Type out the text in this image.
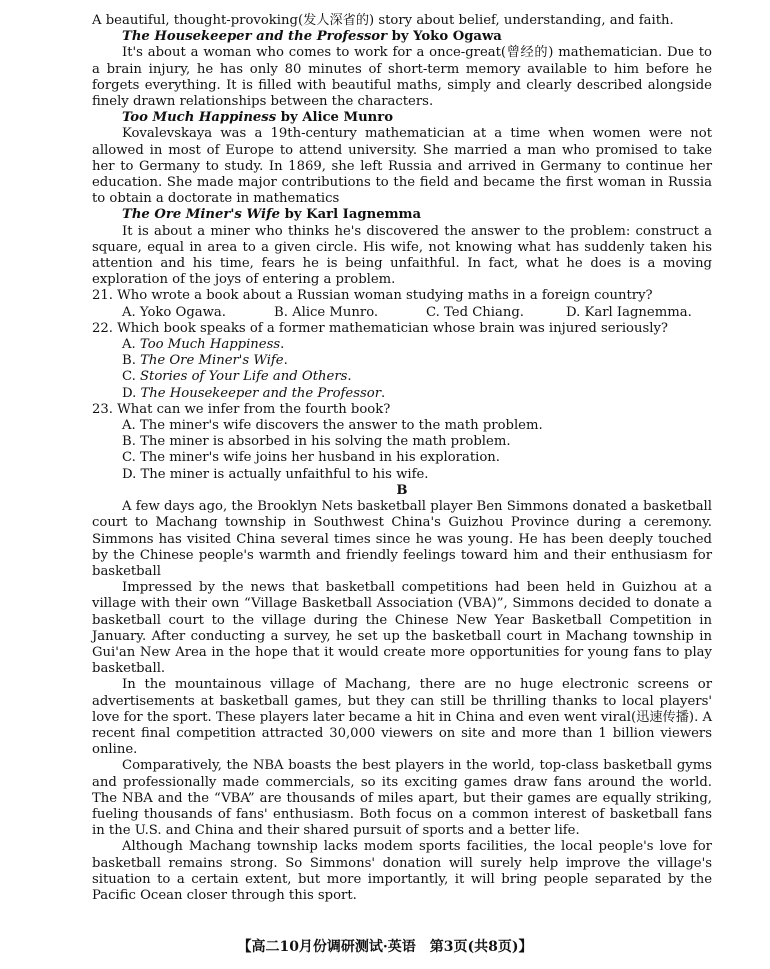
A beautiful, thought-provoking(发人深省的) story about belief, understanding, and faith.

The Housekeeper and the Professor by Yoko Ogawa

It's about a woman who comes to work for a once-great(曾经的) mathematician. Due to a brain injury, he has only 80 minutes of short-term memory available to him before he forgets everything. It is filled with beautiful maths, simply and clearly described alongside finely drawn relationships between the characters.

Too Much Happiness by Alice Munro

Kovalevskaya was a 19th-century mathematician at a time when women were not allowed in most of Europe to attend university. She married a man who promised to take her to Germany to study. In 1869, she left Russia and arrived in Germany to continue her education. She made major contributions to the field and became the first woman in Russia to obtain a doctorate in mathematics

The Ore Miner's Wife by Karl Iagnemma

It is about a miner who thinks he's discovered the answer to the problem: construct a square, equal in area to a given circle. His wife, not knowing what has suddenly taken his attention and his time, fears he is being unfaithful. In fact, what he does is a moving exploration of the joys of entering a problem.

21. Who wrote a book about a Russian woman studying maths in a foreign country?

A. Yoko Ogawa.	B. Alice Munro.	C. Ted Chiang.	D. Karl Iagnemma.

22. Which book speaks of a former mathematician whose brain was injured seriously?

A. Too Much Happiness.
B. The Ore Miner's Wife.
C. Stories of Your Life and Others.
D. The Housekeeper and the Professor.

23. What can we infer from the fourth book?

A. The miner's wife discovers the answer to the math problem.
B. The miner is absorbed in his solving the math problem.
C. The miner's wife joins her husband in his exploration.
D. The miner is actually unfaithful to his wife.

B

A few days ago, the Brooklyn Nets basketball player Ben Simmons donated a basketball court to Machang township in Southwest China's Guizhou Province during a ceremony. Simmons has visited China several times since he was young. He has been deeply touched by the Chinese people's warmth and friendly feelings toward him and their enthusiasm for basketball

Impressed by the news that basketball competitions had been held in Guizhou at a village with their own “Village Basketball Association (VBA)”, Simmons decided to donate a basketball court to the village during the Chinese New Year Basketball Competition in January. After conducting a survey, he set up the basketball court in Machang township in Gui'an New Area in the hope that it would create more opportunities for young fans to play basketball.

In the mountainous village of Machang, there are no huge electronic screens or advertisements at basketball games, but they can still be thrilling thanks to local players' love for the sport. These players later became a hit in China and even went viral(迅速传播). A recent final competition attracted 30,000 viewers on site and more than 1 billion viewers online.

Comparatively, the NBA boasts the best players in the world, top-class basketball gyms and professionally made commercials, so its exciting games draw fans around the world. The NBA and the “VBA” are thousands of miles apart, but their games are equally striking, fueling thousands of fans' enthusiasm. Both focus on a common interest of basketball fans in the U.S. and China and their shared pursuit of sports and a better life.

Although Machang township lacks modem sports facilities, the local people's love for basketball remains strong. So Simmons' donation will surely help improve the village's situation to a certain extent, but more importantly, it will bring people separated by the Pacific Ocean closer through this sport.

【高二10月份调研测试·英语　第3页(共8页)】
